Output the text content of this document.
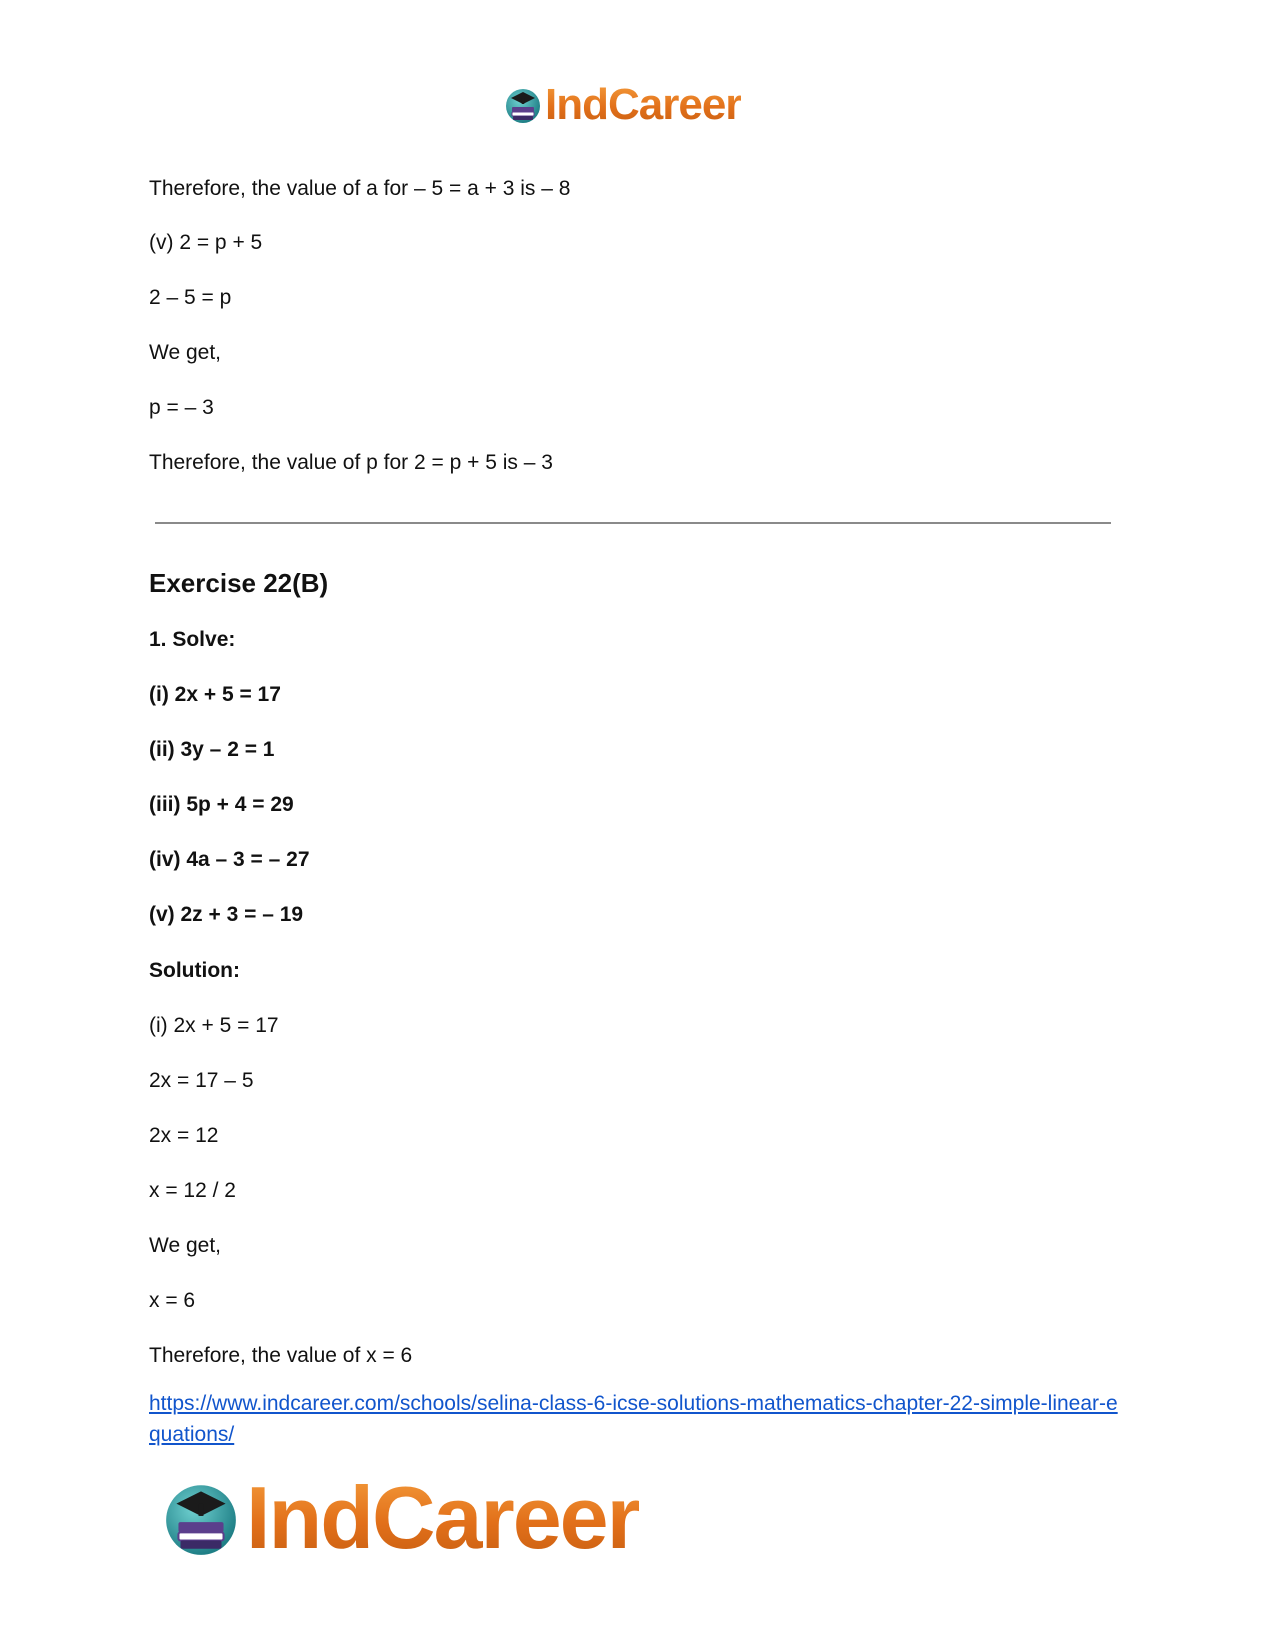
IndCareer
Therefore, the value of a for – 5 = a + 3 is – 8
(v) 2 = p + 5
2 – 5 = p
We get,
p = – 3
Therefore, the value of p for 2 = p + 5 is – 3
Exercise 22(B)
1. Solve:
(i) 2x + 5 = 17
(ii) 3y – 2 = 1
(iii) 5p + 4 = 29
(iv) 4a – 3 = – 27
(v) 2z + 3 = – 19
Solution:
(i) 2x + 5 = 17
2x = 17 – 5
2x = 12
x = 12 / 2
We get,
x = 6
Therefore, the value of x = 6
https://www.indcareer.com/schools/selina-class-6-icse-solutions-mathematics-chapter-22-simple-linear-equations/
IndCareer
